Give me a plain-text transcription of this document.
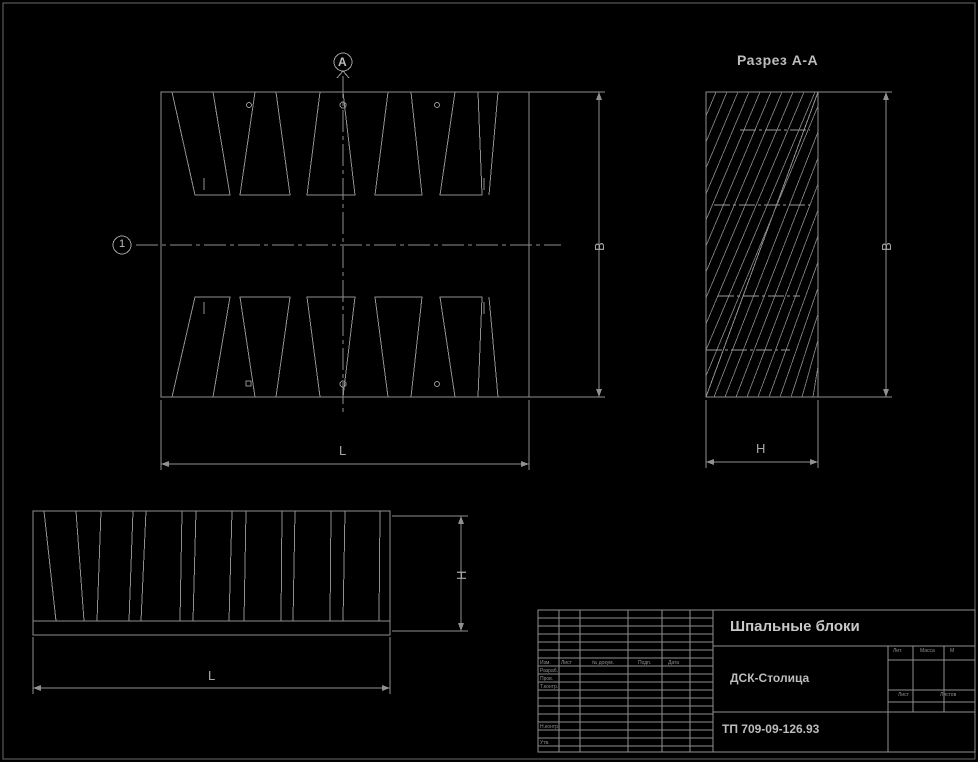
А
1	B
L
Разрез А-А
B
H
H
L
Шпальные блоки
ДСК-Столица
ТП 709-09-126.93
Изм. Лист	№ докум.	Подп.	Дата
Разраб.
Пров.
Т.контр.
Н.контр.
Утв.
Лит.	Масса	М
Лист	Листов
